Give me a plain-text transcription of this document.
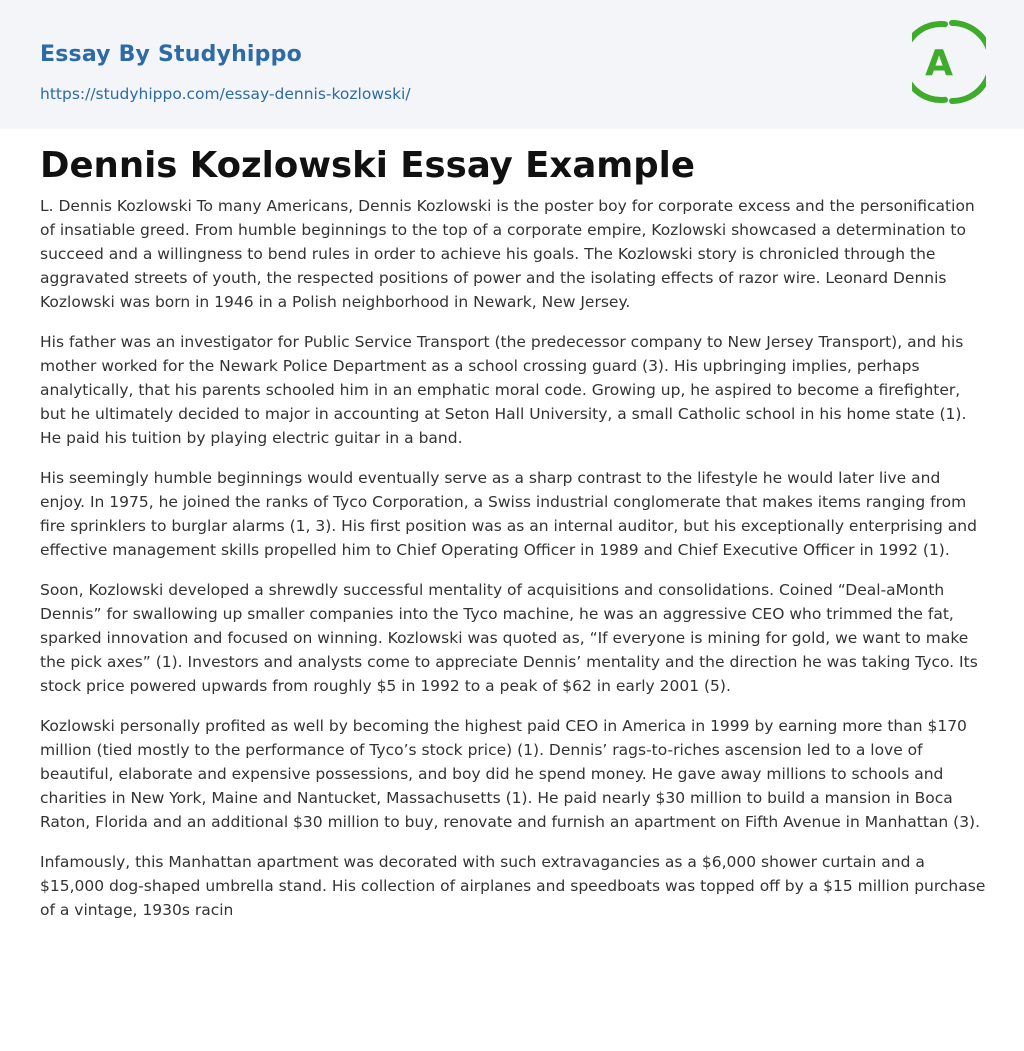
Essay By Studyhippo
https://studyhippo.com/essay-dennis-kozlowski/
A
Dennis Kozlowski Essay Example

L. Dennis Kozlowski To many Americans, Dennis Kozlowski is the poster boy for corporate excess and the personification of insatiable greed. From humble beginnings to the top of a corporate empire, Kozlowski showcased a determination to succeed and a willingness to bend rules in order to achieve his goals. The Kozlowski story is chronicled through the aggravated streets of youth, the respected positions of power and the isolating effects of razor wire. Leonard Dennis Kozlowski was born in 1946 in a Polish neighborhood in Newark, New Jersey.

His father was an investigator for Public Service Transport (the predecessor company to New Jersey Transport), and his mother worked for the Newark Police Department as a school crossing guard (3). His upbringing implies, perhaps analytically, that his parents schooled him in an emphatic moral code. Growing up, he aspired to become a firefighter, but he ultimately decided to major in accounting at Seton Hall University, a small Catholic school in his home state (1). He paid his tuition by playing electric guitar in a band.

His seemingly humble beginnings would eventually serve as a sharp contrast to the lifestyle he would later live and enjoy. In 1975, he joined the ranks of Tyco Corporation, a Swiss industrial conglomerate that makes items ranging from fire sprinklers to burglar alarms (1, 3). His first position was as an internal auditor, but his exceptionally enterprising and effective management skills propelled him to Chief Operating Officer in 1989 and Chief Executive Officer in 1992 (1).

Soon, Kozlowski developed a shrewdly successful mentality of acquisitions and consolidations. Coined “Deal-aMonth Dennis” for swallowing up smaller companies into the Tyco machine, he was an aggressive CEO who trimmed the fat, sparked innovation and focused on winning. Kozlowski was quoted as, “If everyone is mining for gold, we want to make the pick axes” (1). Investors and analysts come to appreciate Dennis’ mentality and the direction he was taking Tyco. Its stock price powered upwards from roughly $5 in 1992 to a peak of $62 in early 2001 (5).

Kozlowski personally profited as well by becoming the highest paid CEO in America in 1999 by earning more than $170 million (tied mostly to the performance of Tyco’s stock price) (1). Dennis’ rags-to-riches ascension led to a love of beautiful, elaborate and expensive possessions, and boy did he spend money. He gave away millions to schools and charities in New York, Maine and Nantucket, Massachusetts (1). He paid nearly $30 million to build a mansion in Boca Raton, Florida and an additional $30 million to buy, renovate and furnish an apartment on Fifth Avenue in Manhattan (3).

Infamously, this Manhattan apartment was decorated with such extravagancies as a $6,000 shower curtain and a $15,000 dog-shaped umbrella stand. His collection of airplanes and speedboats was topped off by a $15 million purchase of a vintage, 1930s racin
